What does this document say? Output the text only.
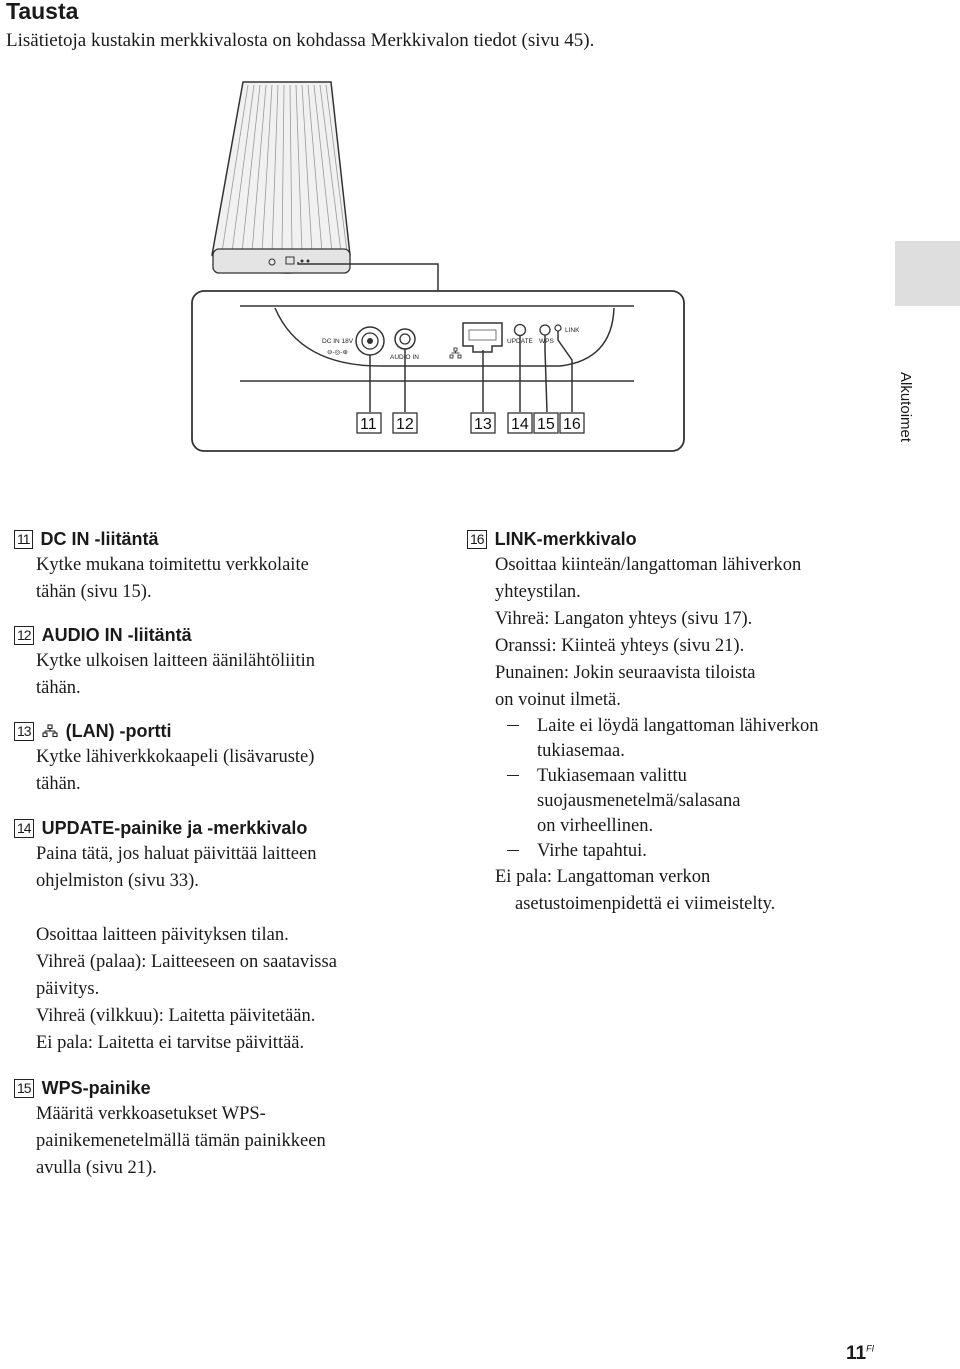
Tausta
Lisätietoja kustakin merkkivalosta on kohdassa Merkkivalon tiedot (sivu 45).
Alkutoimet
DC IN 18V
⊖-◎-⊕
AUDIO IN
UPDATE WPS
LINK
11 12	13 14 15 16
11 DC IN -liitäntä
Kytke mukana toimitettu verkkolaite
tähän (sivu 15).
12 AUDIO IN -liitäntä
Kytke ulkoisen laitteen äänilähtöliitin
tähän.
13 (LAN) -portti
Kytke lähiverkkokaapeli (lisävaruste)
tähän.
14 UPDATE-painike ja -merkkivalo
Paina tätä, jos haluat päivittää laitteen
ohjelmiston (sivu 33).
Osoittaa laitteen päivityksen tilan.
Vihreä (palaa): Laitteeseen on saatavissa
päivitys.
Vihreä (vilkkuu): Laitetta päivitetään.
Ei pala: Laitetta ei tarvitse päivittää.
15 WPS-painike
Määritä verkkoasetukset WPS-
painikemenetelmällä tämän painikkeen
avulla (sivu 21).
16 LINK-merkkivalo
Osoittaa kiinteän/langattoman lähiverkon
yhteystilan.
Vihreä: Langaton yhteys (sivu 17).
Oranssi: Kiinteä yhteys (sivu 21).
Punainen: Jokin seuraavista tiloista
on voinut ilmetä.
Laite ei löydä langattoman lähiverkon
tukiasemaa.
Tukiasemaan valittu
suojausmenetelmä/salasana
on virheellinen.
Virhe tapahtui.
Ei pala: Langattoman verkon
asetustoimenpidettä ei viimeistelty.
$11^{FI}$
